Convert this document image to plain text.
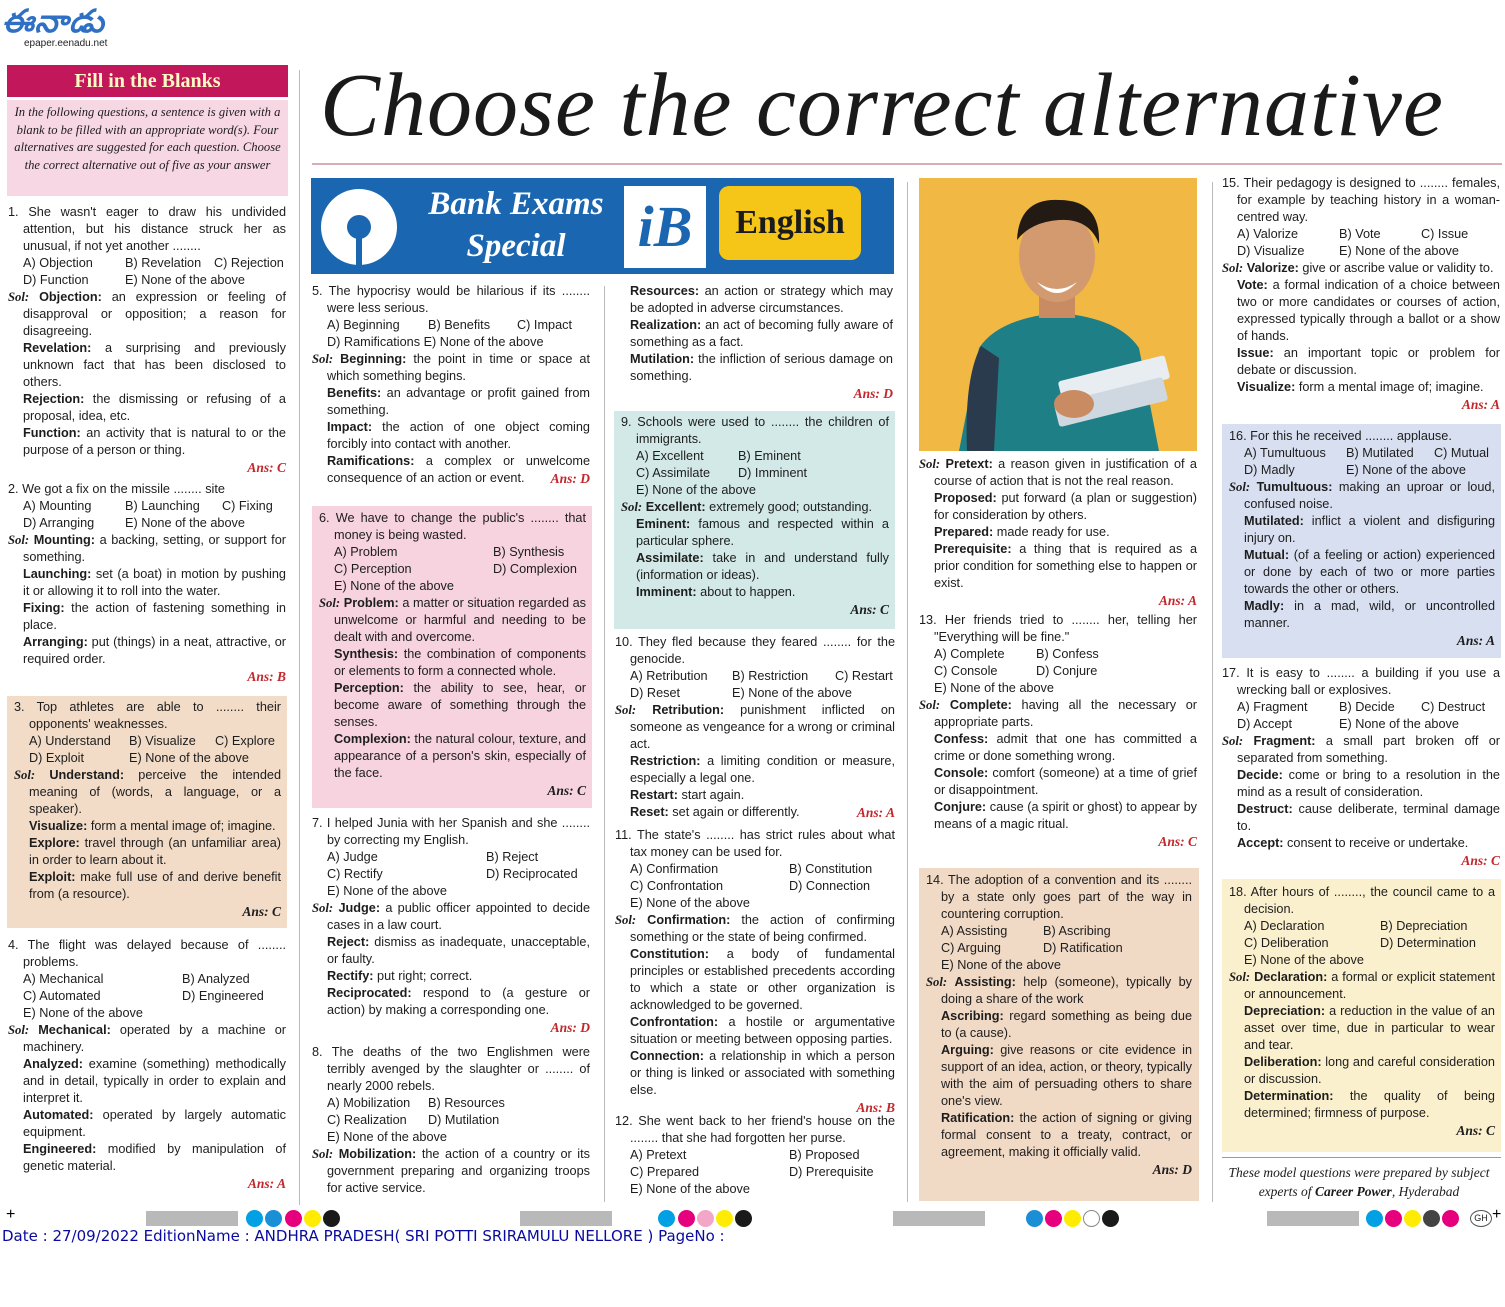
ఈనాడు
epaper.eenadu.net
Fill in the Blanks
In the following questions, a sentence is given with a blank to be filled with an appropriate word(s). Four alternatives are suggested for each question. Choose the correct alternative out of five as your answer
Choose the correct alternative
Bank Exams
Special	iB	English

1. She wasn't eager to draw his undivided attention, but his distance struck her as unusual, if not yet another ........

A) Objection	B) Revelation C) Rejection

D) Function	E) None of the above

Sol: Objection: an expression or feeling of disapproval or opposition; a reason for disagreeing.

Revelation: a surprising and previously unknown fact that has been disclosed to others.

Rejection: the dismissing or refusing of a proposal, idea, etc.

Function: an activity that is natural to or the purpose of a person or thing.

Ans: C

2. We got a fix on the missile ........ site

A) Mounting	B) Launching C) Fixing

D) Arranging E) None of the above

Sol: Mounting: a backing, setting, or support for something.

Launching: set (a boat) in motion by pushing it or allowing it to roll into the water.

Fixing: the action of fastening something in place.

Arranging: put (things) in a neat, attractive, or required order.

Ans: B

3. Top athletes are able to ........ their opponents' weaknesses.

A) Understand B) Visualize C) Explore

D) Exploit	E) None of the above

Sol: Understand: perceive the intended meaning of (words, a language, or a speaker).

Visualize: form a mental image of; imagine.

Explore: travel through (an unfamiliar area) in order to learn about it.

Exploit: make full use of and derive benefit from (a resource).

Ans: C

4. The flight was delayed because of ........ problems.

A) Mechanical	B) Analyzed

C) Automated	D) Engineered

E) None of the above

Sol: Mechanical: operated by a machine or machinery.

Analyzed: examine (something) methodically and in detail, typically in order to explain and interpret it.

Automated: operated by largely automatic equipment.

Engineered: modified by manipulation of genetic material.

Ans: A

5. The hypocrisy would be hilarious if its ........ were less serious.

A) Beginning B) Benefits C) Impact

D) Ramifications E) None of the above

Sol: Beginning: the point in time or space at which something begins.

Benefits: an advantage or profit gained from something.

Impact: the action of one object coming forcibly into contact with another.

Ramifications: a complex or unwelcome consequence of an action or event.	Ans: D

6. We have to change the public's ........ that money is being wasted.

A) Problem	B) Synthesis

C) Perception	D) Complexion

E) None of the above

Sol: Problem: a matter or situation regarded as unwelcome or harmful and needing to be dealt with and overcome.

Synthesis: the combination of components or elements to form a connected whole.

Perception: the ability to see, hear, or become aware of something through the senses.

Complexion: the natural colour, texture, and appearance of a person's skin, especially of the face.

Ans: C

7. I helped Junia with her Spanish and she ........ by correcting my English.

A) Judge	B) Reject

C) Rectify	D) Reciprocated

E) None of the above

Sol: Judge: a public officer appointed to decide cases in a law court.

Reject: dismiss as inadequate, unacceptable, or faulty.

Rectify: put right; correct.

Reciprocated: respond to (a gesture or action) by making a corresponding one.

Ans: D

8. The deaths of the two Englishmen were terribly avenged by the slaughter or ........ of nearly 2000 rebels.

A) Mobilization B) Resources

C) Realization D) Mutilation

E) None of the above

Sol: Mobilization: the action of a country or its government preparing and organizing troops for active service.

Resources: an action or strategy which may be adopted in adverse circumstances.

Realization: an act of becoming fully aware of something as a fact.

Mutilation: the infliction of serious damage on something.

Ans: D

9. Schools were used to ........ the children of immigrants.

A) Excellent	B) Eminent

C) Assimilate D) Imminent

E) None of the above

Sol: Excellent: extremely good; outstanding.

Eminent: famous and respected within a particular sphere.

Assimilate: take in and understand fully (information or ideas).

Imminent: about to happen.

Ans: C

10. They fled because they feared ........ for the genocide.

A) Retribution B) Restriction C) Restart

D) Reset	E) None of the above

Sol: Retribution: punishment inflicted on someone as vengeance for a wrong or criminal act.

Restriction: a limiting condition or measure, especially a legal one.

Restart: start again.

Reset: set again or differently.	Ans: A

11. The state's ........ has strict rules about what tax money can be used for.

A) Confirmation	B) Constitution

C) Confrontation	D) Connection

E) None of the above

Sol: Confirmation: the action of confirming something or the state of being confirmed.

Constitution: a body of fundamental principles or established precedents according to which a state or other organization is acknowledged to be governed.

Confrontation: a hostile or argumentative situation or meeting between opposing parties.

Connection: a relationship in which a person or thing is linked or associated with something else.

Ans: B

12. She went back to her friend's house on the ........ that she had forgotten her purse.

A) Pretext	B) Proposed

C) Prepared	D) Prerequisite

E) None of the above

Sol: Pretext: a reason given in justification of a course of action that is not the real reason.

Proposed: put forward (a plan or suggestion) for consideration by others.

Prepared: made ready for use.

Prerequisite: a thing that is required as a prior condition for something else to happen or exist.

Ans: A

13. Her friends tried to ........ her, telling her "Everything will be fine."

A) Complete B) Confess

C) Console	D) Conjure

E) None of the above

Sol: Complete: having all the necessary or appropriate parts.

Confess: admit that one has committed a crime or done something wrong.

Console: comfort (someone) at a time of grief or disappointment.

Conjure: cause (a spirit or ghost) to appear by means of a magic ritual.

Ans: C

14. The adoption of a convention and its ........ by a state only goes part of the way in countering corruption.

A) Assisting	B) Ascribing

C) Arguing	D) Ratification

E) None of the above

Sol: Assisting: help (someone), typically by doing a share of the work

Ascribing: regard something as being due to (a cause).

Arguing: give reasons or cite evidence in support of an idea, action, or theory, typically with the aim of persuading others to share one's view.

Ratification: the action of signing or giving formal consent to a treaty, contract, or agreement, making it officially valid.

Ans: D

15. Their pedagogy is designed to ........ females, for example by teaching history in a woman-centred way.

A) Valorize	B) Vote	C) Issue

D) Visualize	E) None of the above

Sol: Valorize: give or ascribe value or validity to.

Vote: a formal indication of a choice between two or more candidates or courses of action, expressed typically through a ballot or a show of hands.

Issue: an important topic or problem for debate or discussion.

Visualize: form a mental image of; imagine.

Ans: A

16. For this he received ........ applause.

A) Tumultuous B) Mutilated C) Mutual

D) Madly	E) None of the above

Sol: Tumultuous: making an uproar or loud, confused noise.

Mutilated: inflict a violent and disfiguring injury on.

Mutual: (of a feeling or action) experienced or done by each of two or more parties towards the other or others.

Madly: in a mad, wild, or uncontrolled manner.

Ans: A

17. It is easy to ........ a building if you use a wrecking ball or explosives.

A) Fragment B) Decide C) Destruct

D) Accept	E) None of the above

Sol: Fragment: a small part broken off or separated from something.

Decide: come or bring to a resolution in the mind as a result of consideration.

Destruct: cause deliberate, terminal damage to.

Accept: consent to receive or undertake.

Ans: C

18. After hours of ........, the council came to a decision.

A) Declaration	B) Depreciation

C) Deliberation	D) Determination

E) None of the above

Sol: Declaration: a formal or explicit statement or announcement.

Depreciation: a reduction in the value of an asset over time, due in particular to wear and tear.

Deliberation: long and careful consideration or discussion.

Determination: the quality of being determined; firmness of purpose.

Ans: C

These model questions were prepared by subject experts of Career Power, Hyderabad
+	GH +
Date : 27/09/2022 EditionName : ANDHRA PRADESH( SRI POTTI SRIRAMULU NELLORE ) PageNo :
